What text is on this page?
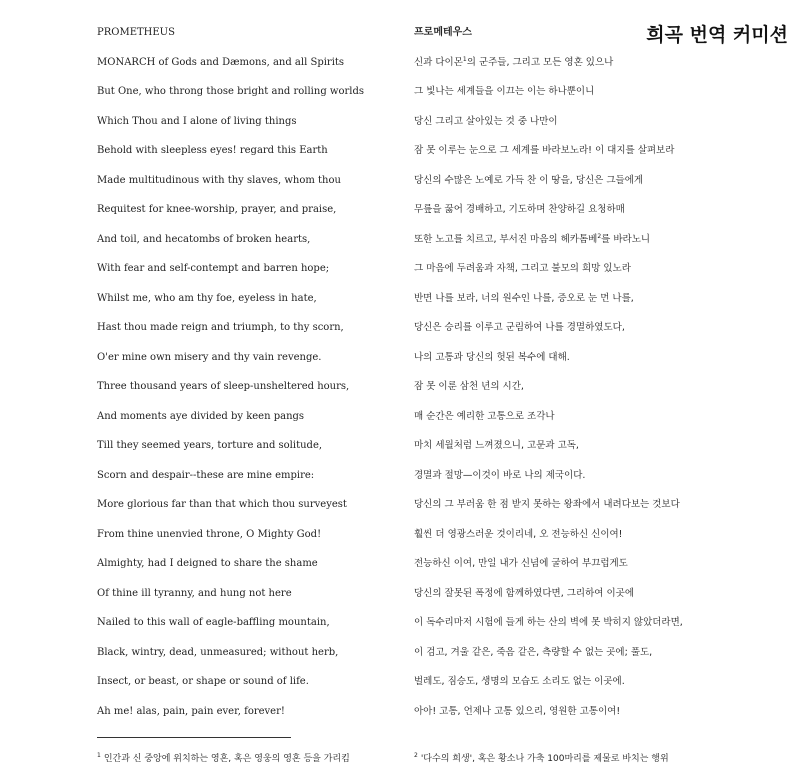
희곡 번역 커미션
PROMETHEUS
MONARCH of Gods and Dæmons, and all Spirits
But One, who throng those bright and rolling worlds
Which Thou and I alone of living things
Behold with sleepless eyes! regard this Earth
Made multitudinous with thy slaves, whom thou
Requitest for knee-worship, prayer, and praise,
And toil, and hecatombs of broken hearts,
With fear and self-contempt and barren hope;
Whilst me, who am thy foe, eyeless in hate,
Hast thou made reign and triumph, to thy scorn,
O'er mine own misery and thy vain revenge.
Three thousand years of sleep-unsheltered hours,
And moments aye divided by keen pangs
Till they seemed years, torture and solitude,
Scorn and despair--these are mine empire:
More glorious far than that which thou surveyest
From thine unenvied throne, O Mighty God!
Almighty, had I deigned to share the shame
Of thine ill tyranny, and hung not here
Nailed to this wall of eagle-baffling mountain,
Black, wintry, dead, unmeasured; without herb,
Insect, or beast, or shape or sound of life.
Ah me! alas, pain, pain ever, forever!
프로메테우스
신과 다이몬$^1$의 군주들, 그리고 모든 영혼 있으나
그 빛나는 세계들을 이끄는 이는 하나뿐이니
당신 그리고 살아있는 것 중 나만이
잠 못 이루는 눈으로 그 세계를 바라보노라! 이 대지를 살펴보라
당신의 수많은 노예로 가득 찬 이 땅을, 당신은 그들에게
무릎을 꿇어 경배하고, 기도하며 찬양하길 요청하매
또한 노고를 치르고, 부서진 마음의 헤카톰베$^2$를 바라노니
그 마음에 두려움과 자책, 그리고 불모의 희망 있노라
반면 나를 보라, 너의 원수인 나를, 증오로 눈 먼 나를,
당신은 승리를 이루고 군림하여 나를 경멸하였도다,
나의 고통과 당신의 헛된 복수에 대해.
잠 못 이룬 삼천 년의 시간,
매 순간은 예리한 고통으로 조각나
마치 세월처럼 느껴졌으니, 고문과 고독,
경멸과 절망—이것이 바로 나의 제국이다.
당신의 그 부러움 한 점 받지 못하는 왕좌에서 내려다보는 것보다
훨씬 더 영광스러운 것이리네, 오 전능하신 신이여!
전능하신 이여, 만일 내가 신념에 굴하여 부끄럽게도
당신의 잘못된 폭정에 함께하였다면, 그리하여 이곳에
이 독수리마저 시험에 들게 하는 산의 벽에 못 박히지 않았더라면,
이 검고, 겨울 같은, 죽음 같은, 측량할 수 없는 곳에; 풀도,
벌레도, 짐승도, 생명의 모습도 소리도 없는 이곳에.
아아! 고통, 언제나 고통 있으리, 영원한 고통이여!
$^1$ 인간과 신 중앙에 위치하는 영혼, 혹은 영웅의 영혼 등을 가리킴	$^2$ '다수의 희생', 혹은 황소나 가축 100마리를 제물로 바치는 행위
